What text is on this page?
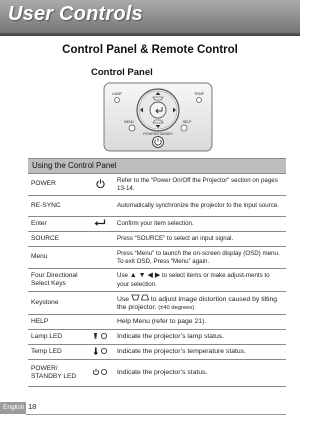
User Controls
Control Panel & Remote Control
Control Panel
LAMP	TEMP
MENU	HELP
POWER/STANDBY
Using the Control Panel		
POWER		Refer to the “Power On/Off the Projector” section on pages 13-14.
RE-SYNC		Automatically synchronize the projector to the input source.
Enter		Confirm your item selection.
SOURCE		Press “SOURCE” to select an input signal.
Menu		Press “Menu” to launch the on-screen display (OSD) menu. To exit OSD, Press “Menu” again.
Four Directional Select Keys		Use ▲ ▼ ◀ ▶ to select items or make adjust-ments to your selection.
Keystone		Use to adjust image distortion caused by tilting the projector. (±40 degrees)
HELP		Help Menu (refer to page 21).
Lamp LED		Indicate the projector’s lamp status.
Temp LED		Indicate the projector’s temperature status.
POWER/ STANDBY LED		Indicate the projector’s status.
English 18
